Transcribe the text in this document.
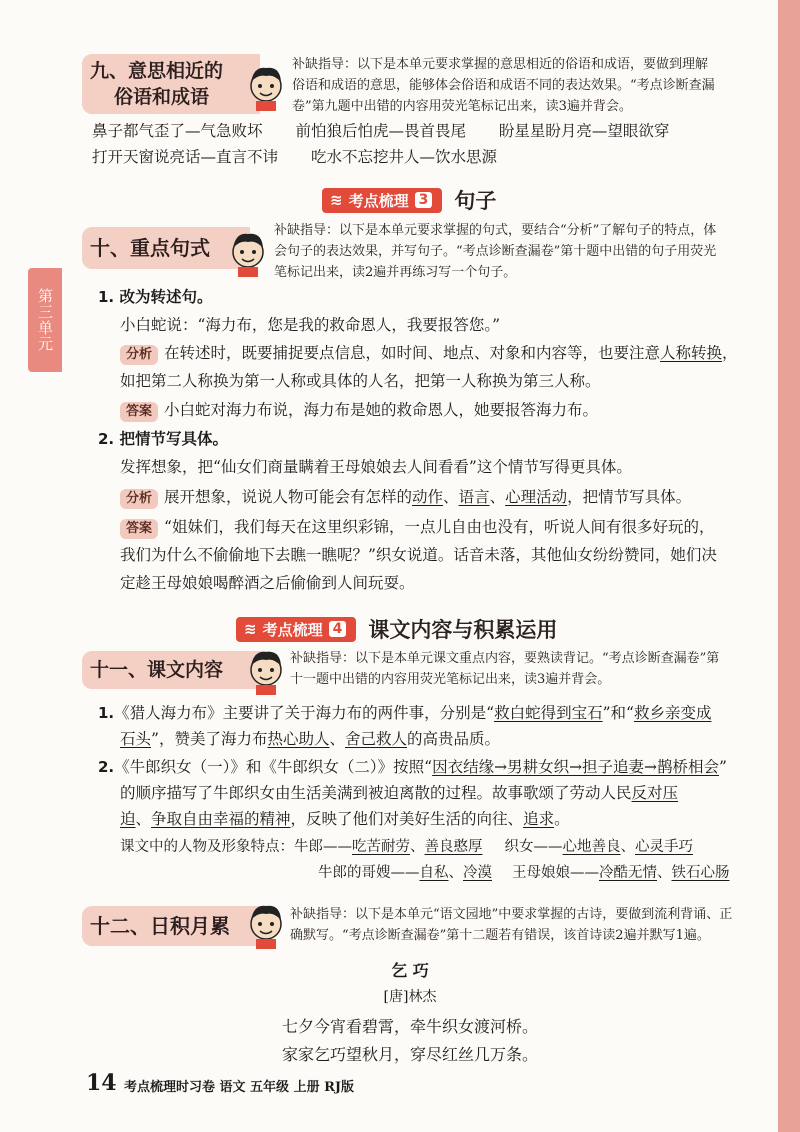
第三单元
九、意思相近的
俗语和成语
补缺指导：以下是本单元要求掌握的意思相近的俗语和成语，要做到理解
俗语和成语的意思，能够体会俗语和成语不同的表达效果。“考点诊断查漏
卷”第九题中出错的内容用荧光笔标记出来，读3遍并背会。
鼻子都气歪了—气急败坏 前怕狼后怕虎—畏首畏尾 盼星星盼月亮—望眼欲穿
打开天窗说亮话—直言不讳 吃水不忘挖井人—饮水思源
≋ 考点梳理 3 句子
十、重点句式
补缺指导：以下是本单元要求掌握的句式，要结合“分析”了解句子的特点，体
会句子的表达效果，并写句子。“考点诊断查漏卷”第十题中出错的句子用荧光
笔标记出来，读2遍并再练习写一个句子。
1. 改为转述句。
小白蛇说：“海力布，您是我的救命恩人，我要报答您。”
分析 在转述时，既要捕捉要点信息，如时间、地点、对象和内容等，也要注意人称转换，
如把第二人称换为第一人称或具体的人名，把第一人称换为第三人称。
答案 小白蛇对海力布说，海力布是她的救命恩人，她要报答海力布。
2. 把情节写具体。
发挥想象，把“仙女们商量瞒着王母娘娘去人间看看”这个情节写得更具体。
分析 展开想象，说说人物可能会有怎样的动作、语言、心理活动，把情节写具体。
答案 “姐妹们，我们每天在这里织彩锦，一点儿自由也没有，听说人间有很多好玩的，
我们为什么不偷偷地下去瞧一瞧呢？”织女说道。话音未落，其他仙女纷纷赞同，她们决
定趁王母娘娘喝醉酒之后偷偷到人间玩耍。
≋ 考点梳理 4 课文内容与积累运用
十一、课文内容
补缺指导：以下是本单元课文重点内容，要熟读背记。“考点诊断查漏卷”第
十一题中出错的内容用荧光笔标记出来，读3遍并背会。
1.《猎人海力布》主要讲了关于海力布的两件事，分别是“救白蛇得到宝石”和“救乡亲变成
石头”，赞美了海力布热心助人、舍己救人的高贵品质。
2.《牛郎织女（一）》和《牛郎织女（二）》按照“因衣结缘→男耕女织→担子追妻→鹊桥相会”
的顺序描写了牛郎织女由生活美满到被迫离散的过程。故事歌颂了劳动人民反对压
迫、争取自由幸福的精神，反映了他们对美好生活的向往、追求。
课文中的人物及形象特点：牛郎——吃苦耐劳、善良憨厚 织女——心地善良、心灵手巧
牛郎的哥嫂——自私、冷漠 王母娘娘——冷酷无情、铁石心肠
十二、日积月累	补缺指导：以下是本单元“语文园地”中要求掌握的古诗，要做到流利背诵、正
确默写。“考点诊断查漏卷”第十二题若有错误，该首诗读2遍并默写1遍。
乞 巧
[唐]林杰
七夕今宵看碧霄，牵牛织女渡河桥。
家家乞巧望秋月，穿尽红丝几万条。
14 考点梳理时习卷 语文 五年级 上册 RJ版
